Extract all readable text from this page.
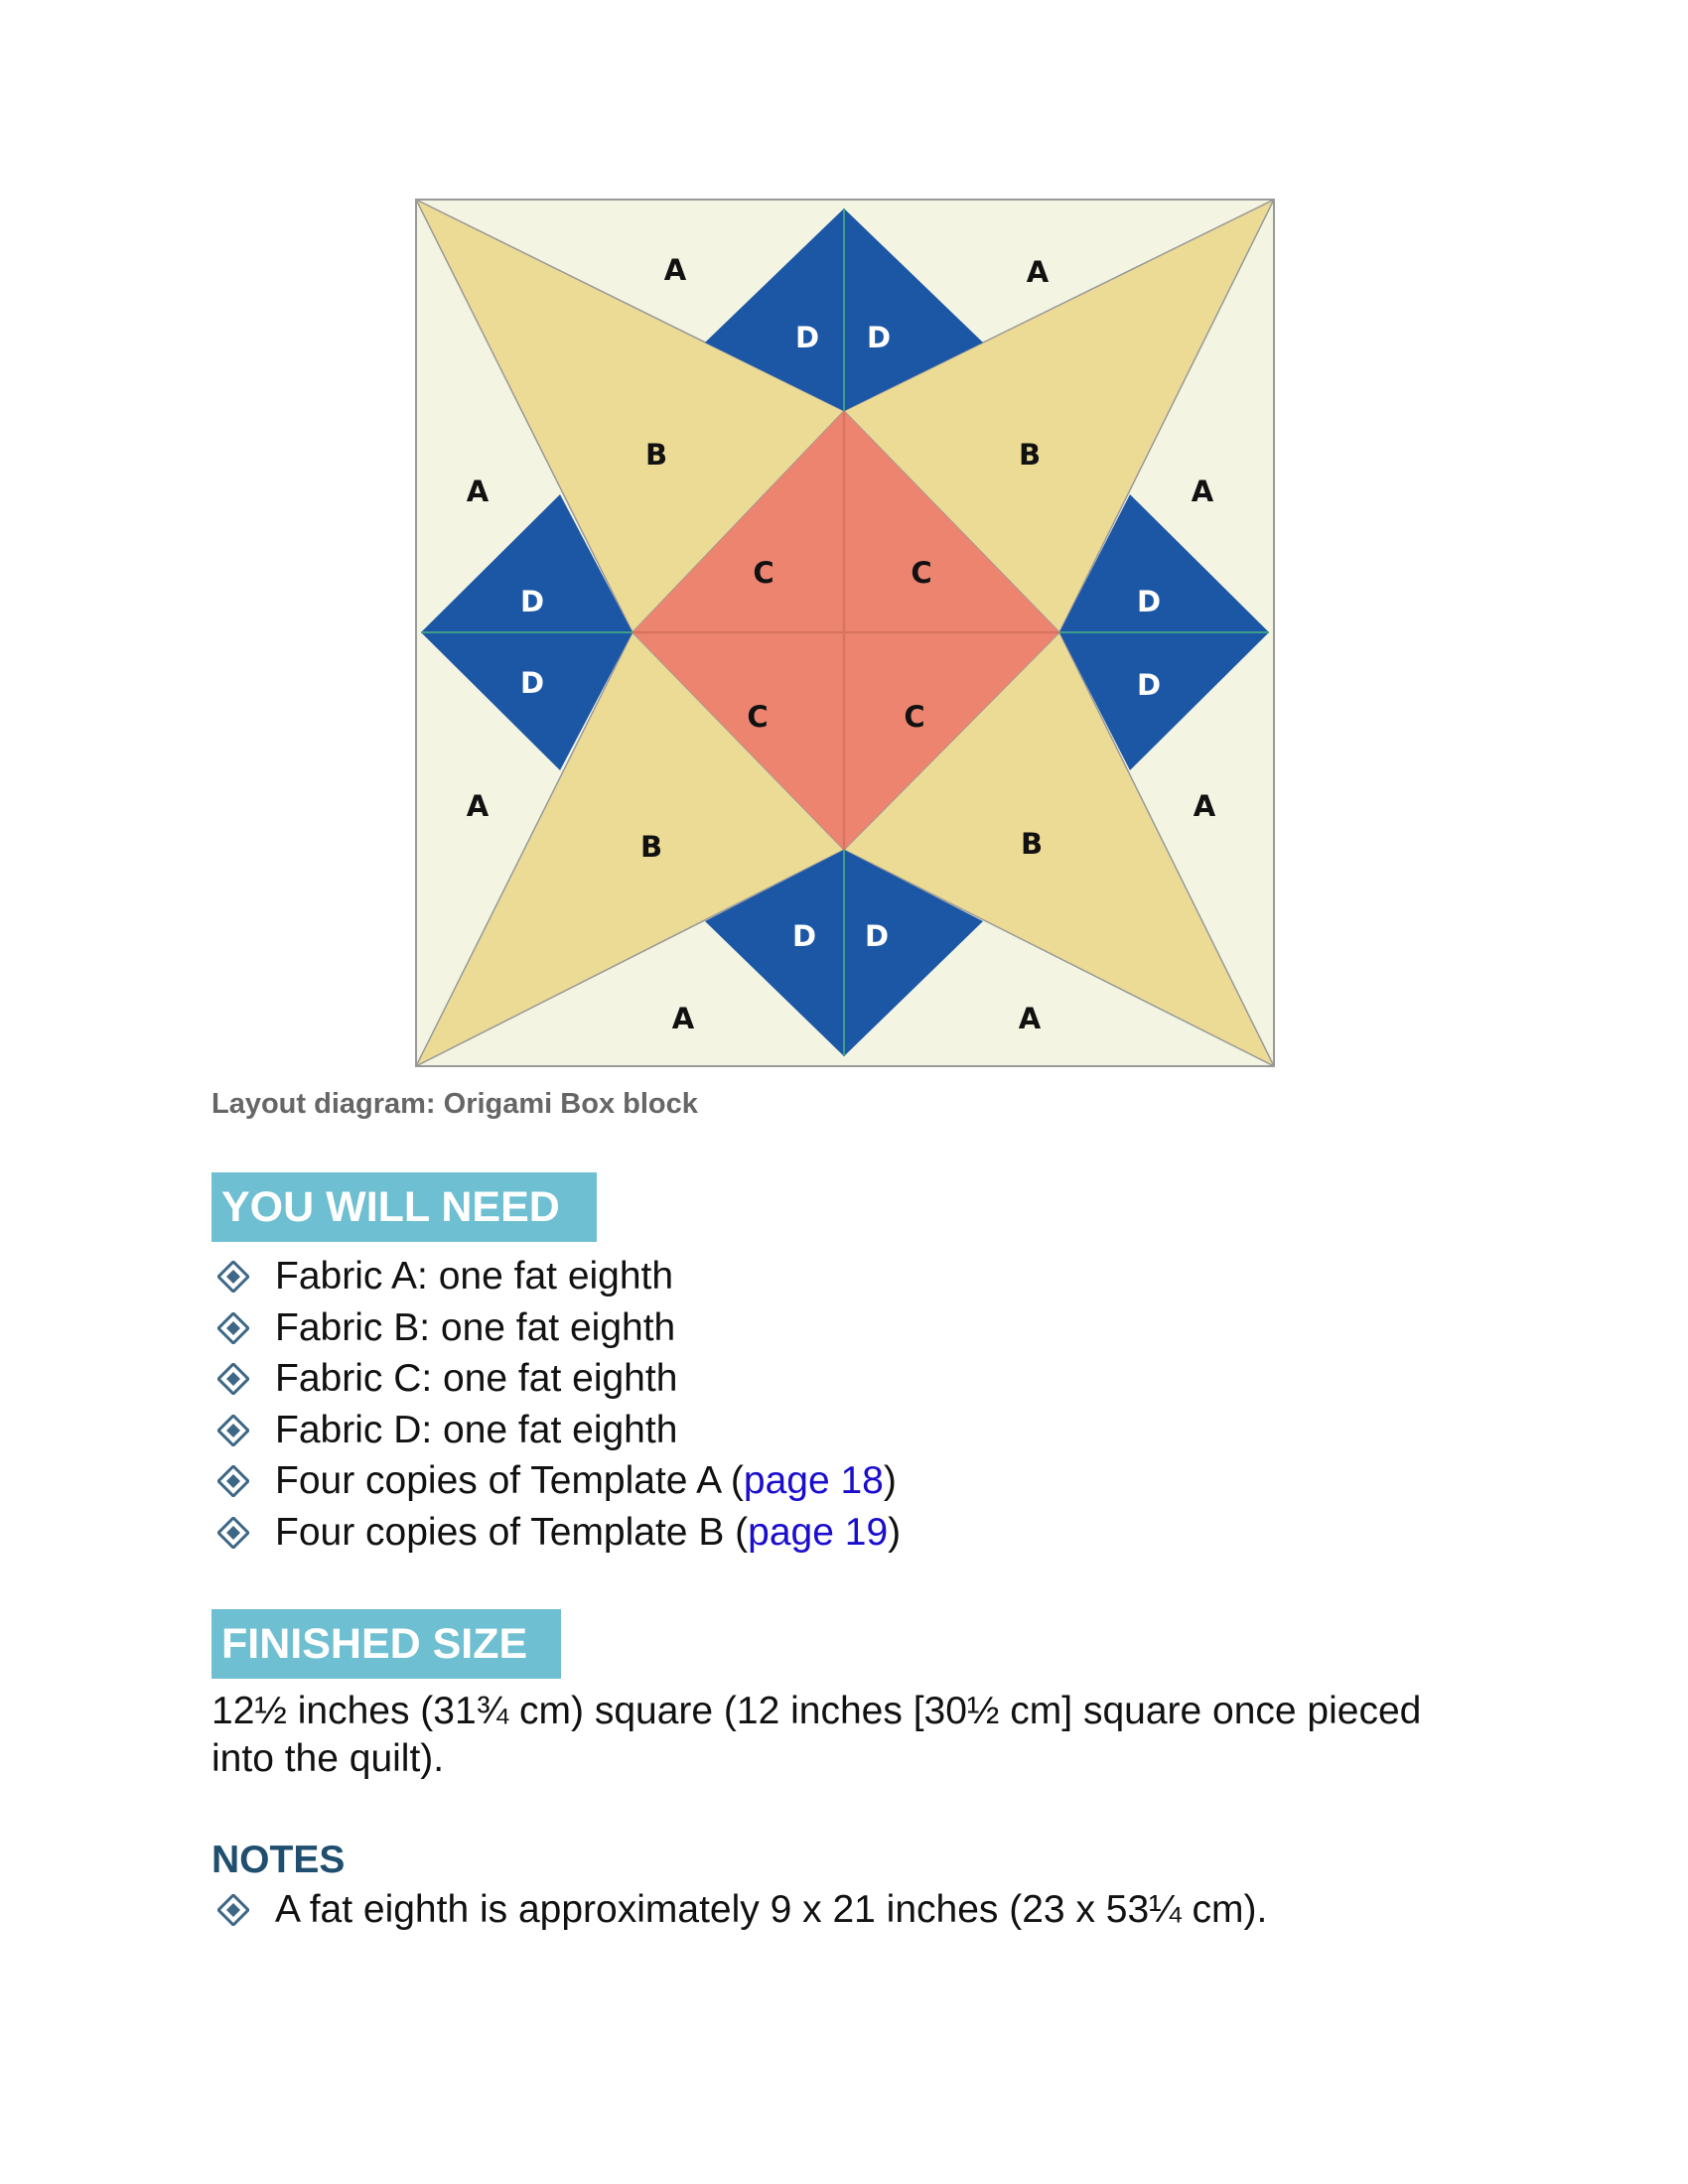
A	A
A	A
A	A
A	A
B	B
B	B
C	C
C	C
D D
D
D
D
D
D D
Layout diagram: Origami Box block
YOU WILL NEED
Fabric A: one fat eighth
Fabric B: one fat eighth
Fabric C: one fat eighth
Fabric D: one fat eighth
Four copies of Template A (page 18)
Four copies of Template B (page 19)
FINISHED SIZE
12½ inches (31¾ cm) square (12 inches [30½ cm] square once pieced into the quilt).
NOTES
A fat eighth is approximately 9 x 21 inches (23 x 53¼ cm).
